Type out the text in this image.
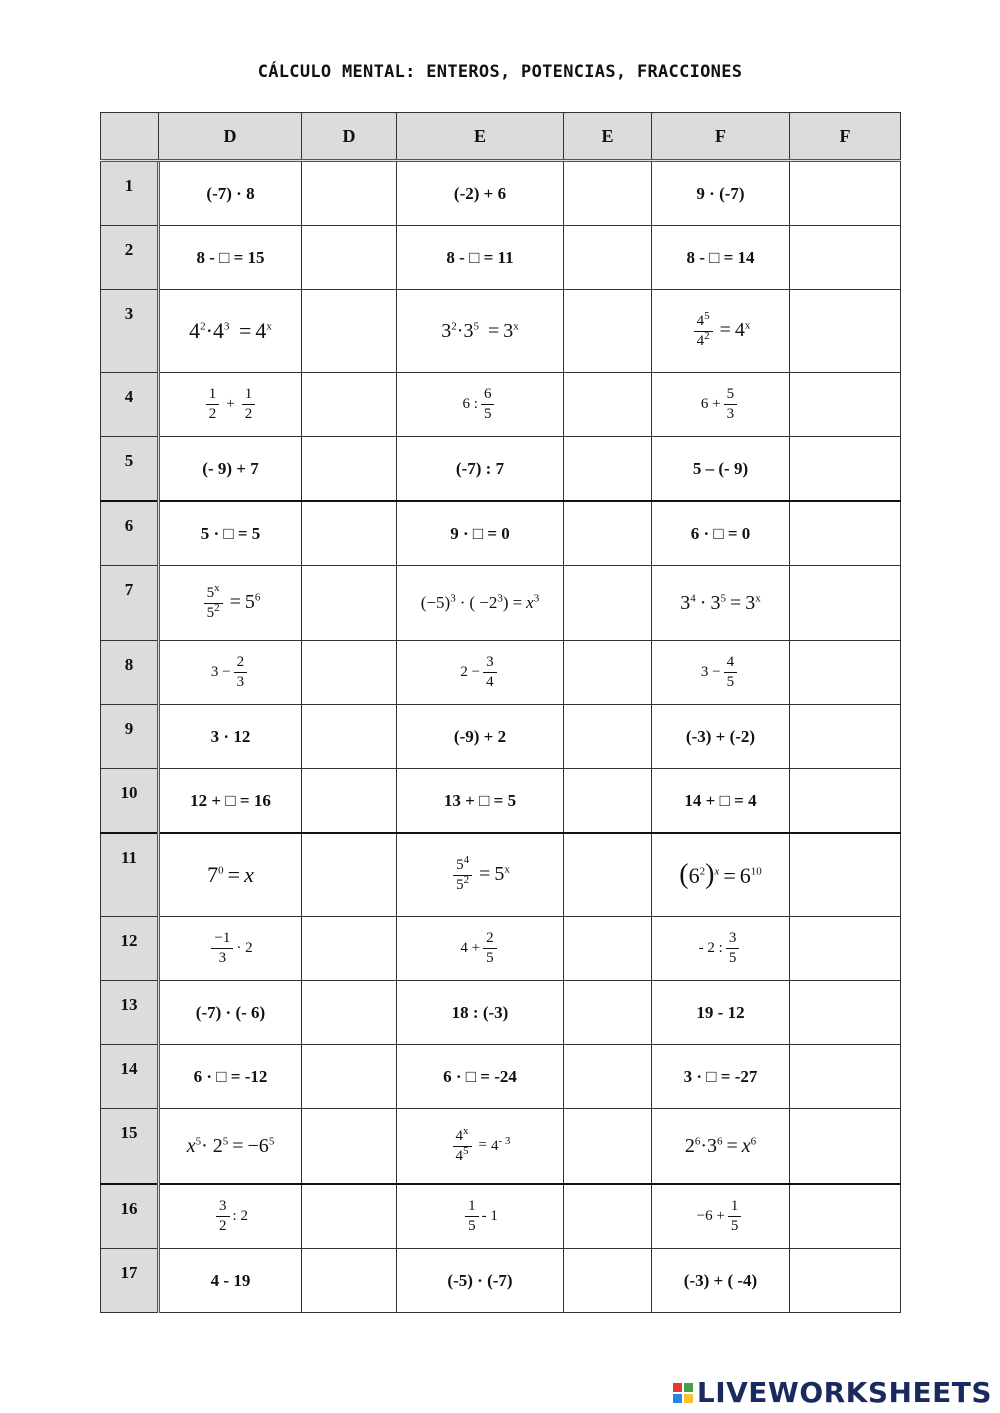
CÁLCULO MENTAL: ENTEROS, POTENCIAS, FRACCIONES
	D	D	E	E	F	F
1	(-7) · 8		(-2) + 6		9 · (-7)	
2	8 - □ = 15		8 - □ = 11		8 - □ = 14	
3	$4^2\cdot 4^3 = 4^x$		$3^2\cdot 3^5 = 3^x$		$\frac{4^5}{4^2} = 4^x$	
4	$\frac{1}{2} + \frac{1}{2}$		6 : $\frac{6}{5}$		$6 + \frac{5}{3}$

5	(- 9) + 7		(-7) : 7		5 – (- 9)	
6	5 · □ = 5		9 · □ = 0		6 · □ = 0	
7	$\frac{5^x}{5^2} = 5^6$		$(-5)^3$ · ( $-2^3) = x^3$		$3^4 \cdot 3^5 = 3^x$	
8	$3 - \frac{2}{3}$		$2 - \frac{3}{4}$		$3 - \frac{4}{5}$

9	3 · 12		(-9) + 2		(-3) + (-2)	
10	12 + □ = 16		13 + □ = 5		14 + □ = 4	
11	$7^0 = x$		$\frac{5^4}{5^2} = 5^x$		$(6^2)^x = 6^{10}$	
12	$\frac{-1}{3} \cdot 2$		$4 + \frac{2}{5}$		- 2 : $\frac{3}{5}$

13	(-7) · (- 6)		18 : (-3)		19 - 12	
14	6 · □ = -12		6 · □ = -24		3 · □ = -27	
15	$x^5\cdot 2^5 = -6^5$		$\frac{4^x}{4^5} = 4^{- 3}$		$2^6\cdot 3^6 = x^6$	
16	$\frac{3}{2}$ : 2		$\frac{1}{5} - 1$		$-6 + \frac{1}{5}$

17	4 - 19		(-5) · (-7)		(-3) + ( -4)	
LIVEWORKSHEETS
